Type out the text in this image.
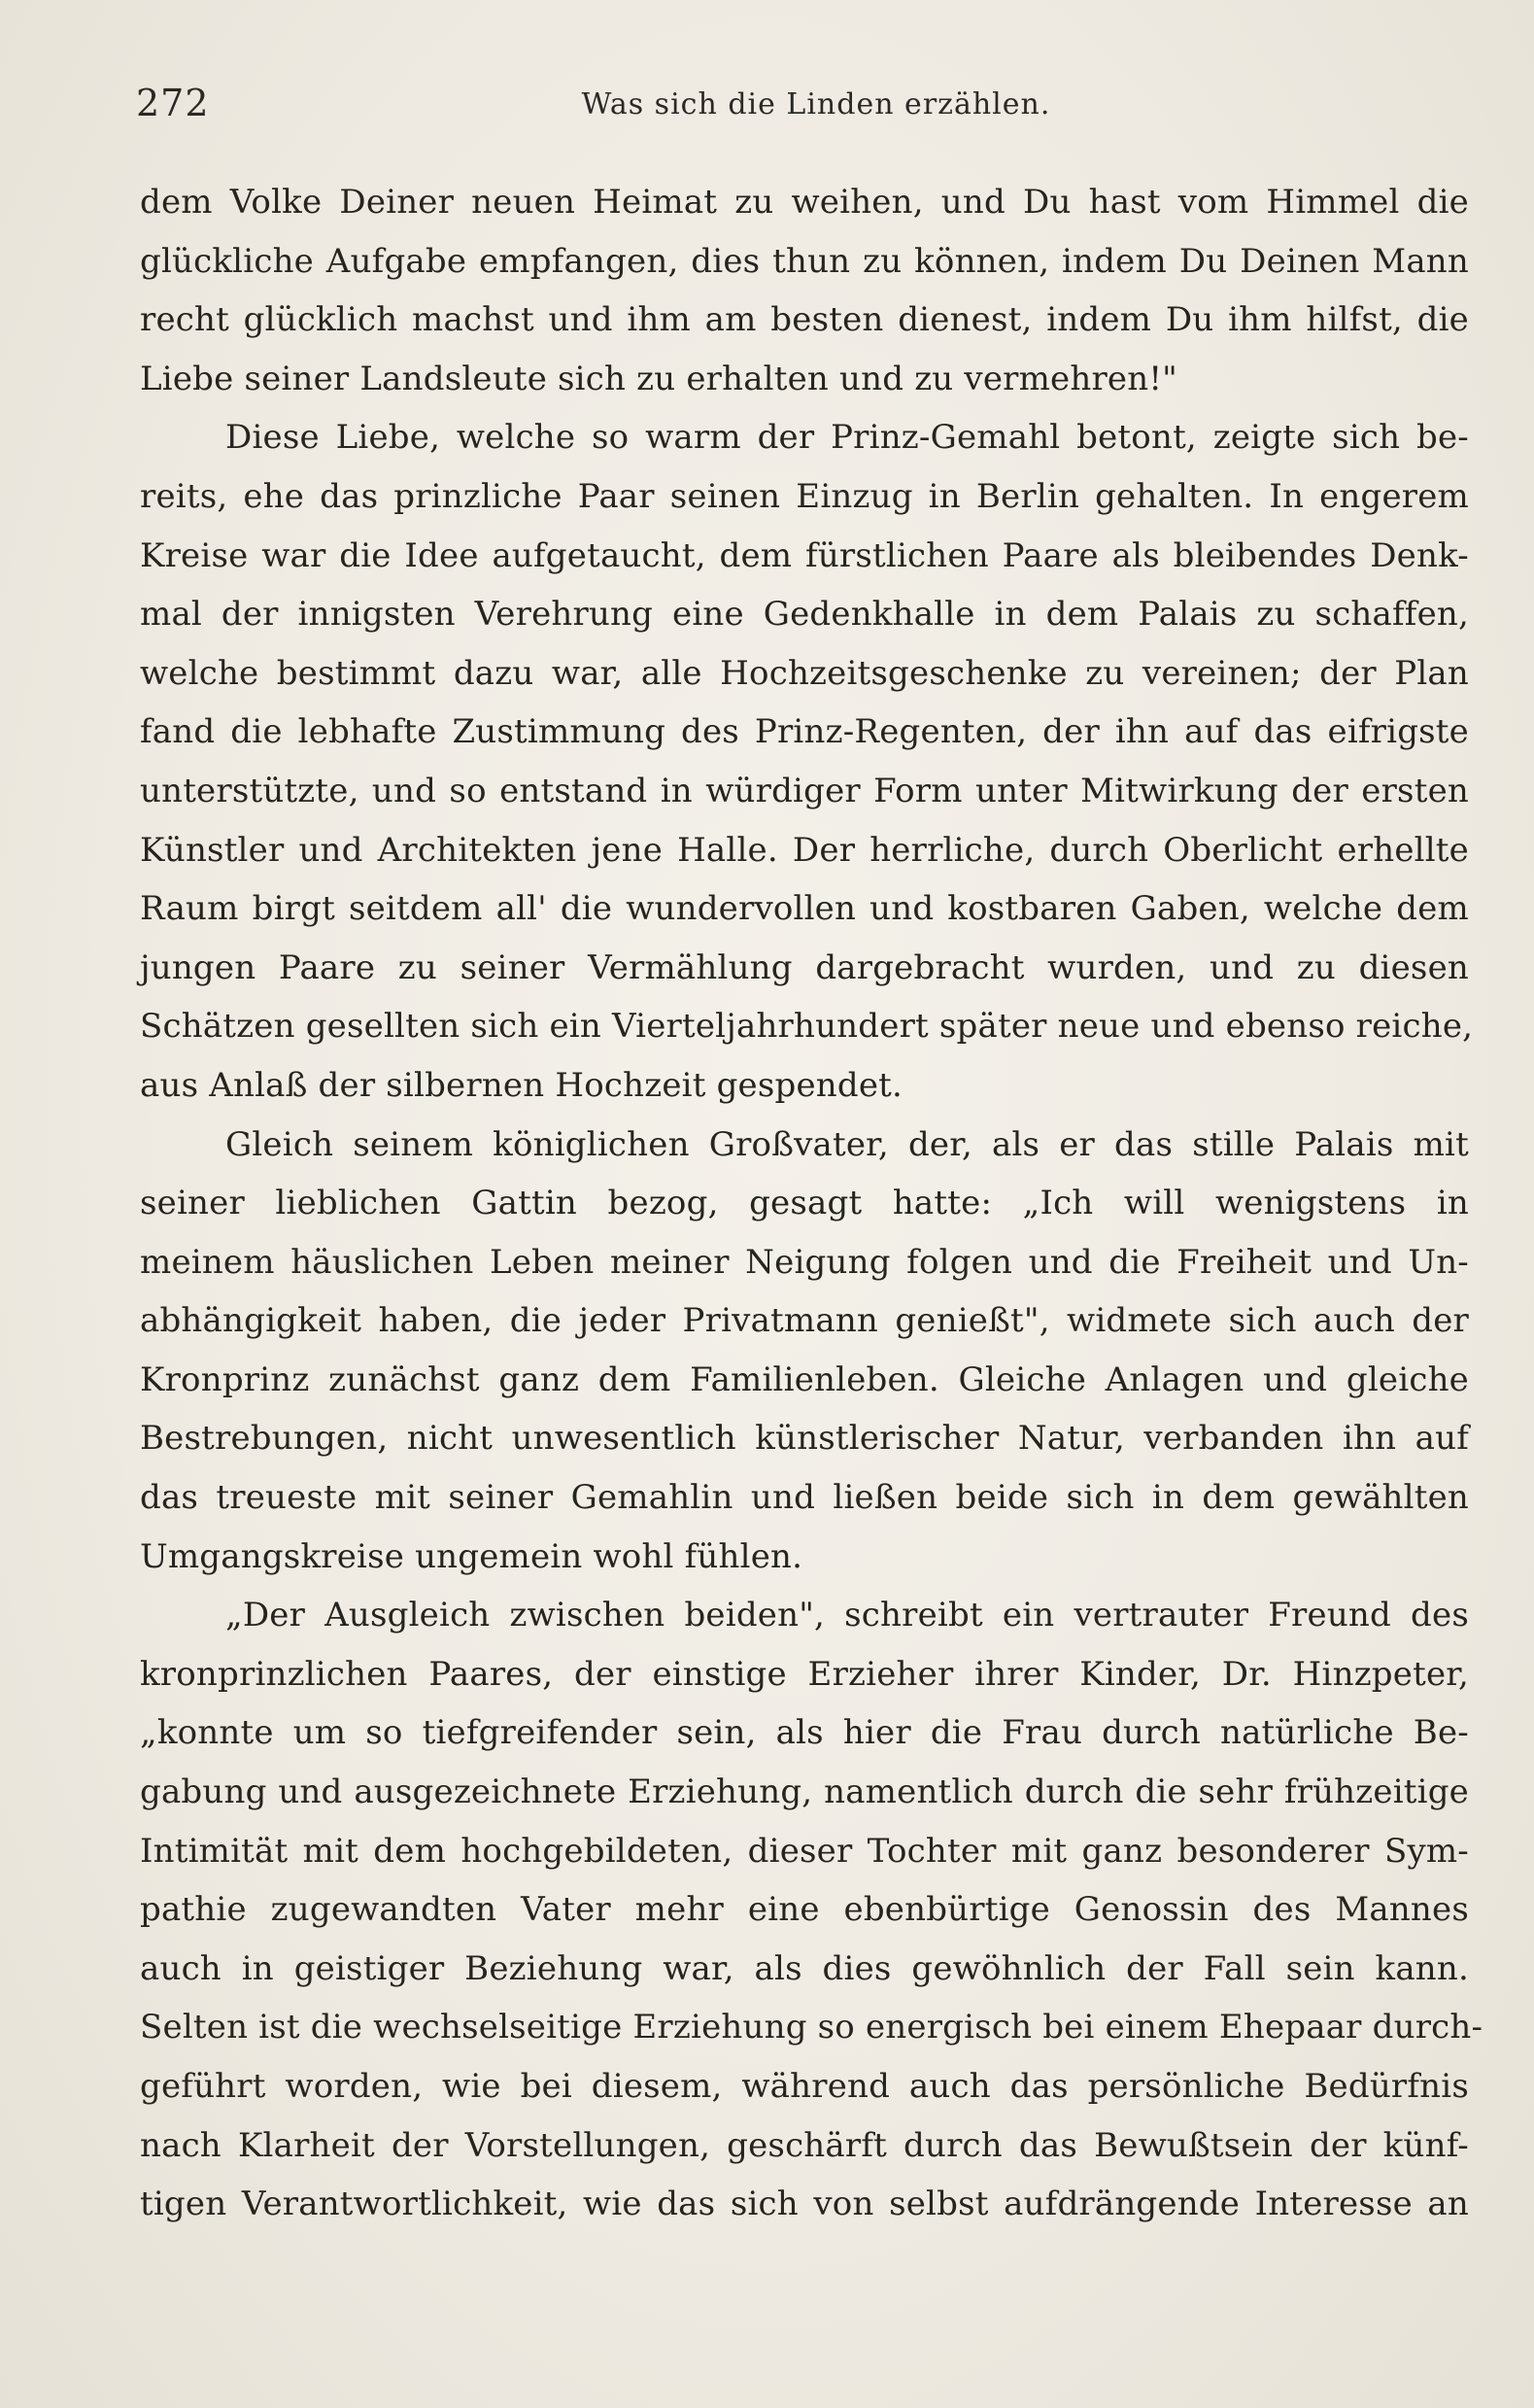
272	Was sich die Linden erzählen.
dem Volke Deiner neuen Heimat zu weihen, und Du hast vom Himmel die
glückliche Aufgabe empfangen, dies thun zu können, indem Du Deinen Mann
recht glücklich machst und ihm am besten dienest, indem Du ihm hilfst, die
Liebe seiner Landsleute sich zu erhalten und zu vermehren!"
Diese Liebe, welche so warm der Prinz-Gemahl betont, zeigte sich be-
reits, ehe das prinzliche Paar seinen Einzug in Berlin gehalten. In engerem
Kreise war die Idee aufgetaucht, dem fürstlichen Paare als bleibendes Denk-
mal der innigsten Verehrung eine Gedenkhalle in dem Palais zu schaffen,
welche bestimmt dazu war, alle Hochzeitsgeschenke zu vereinen; der Plan
fand die lebhafte Zustimmung des Prinz-Regenten, der ihn auf das eifrigste
unterstützte, und so entstand in würdiger Form unter Mitwirkung der ersten
Künstler und Architekten jene Halle. Der herrliche, durch Oberlicht erhellte
Raum birgt seitdem all' die wundervollen und kostbaren Gaben, welche dem
jungen Paare zu seiner Vermählung dargebracht wurden, und zu diesen
Schätzen gesellten sich ein Vierteljahrhundert später neue und ebenso reiche,
aus Anlaß der silbernen Hochzeit gespendet.
Gleich seinem königlichen Großvater, der, als er das stille Palais mit
seiner lieblichen Gattin bezog, gesagt hatte: „Ich will wenigstens in
meinem häuslichen Leben meiner Neigung folgen und die Freiheit und Un-
abhängigkeit haben, die jeder Privatmann genießt", widmete sich auch der
Kronprinz zunächst ganz dem Familienleben. Gleiche Anlagen und gleiche
Bestrebungen, nicht unwesentlich künstlerischer Natur, verbanden ihn auf
das treueste mit seiner Gemahlin und ließen beide sich in dem gewählten
Umgangskreise ungemein wohl fühlen.
„Der Ausgleich zwischen beiden", schreibt ein vertrauter Freund des
kronprinzlichen Paares, der einstige Erzieher ihrer Kinder, Dr. Hinzpeter,
„konnte um so tiefgreifender sein, als hier die Frau durch natürliche Be-
gabung und ausgezeichnete Erziehung, namentlich durch die sehr frühzeitige
Intimität mit dem hochgebildeten, dieser Tochter mit ganz besonderer Sym-
pathie zugewandten Vater mehr eine ebenbürtige Genossin des Mannes
auch in geistiger Beziehung war, als dies gewöhnlich der Fall sein kann.
Selten ist die wechselseitige Erziehung so energisch bei einem Ehepaar durch-
geführt worden, wie bei diesem, während auch das persönliche Bedürfnis
nach Klarheit der Vorstellungen, geschärft durch das Bewußtsein der künf-
tigen Verantwortlichkeit, wie das sich von selbst aufdrängende Interesse an
